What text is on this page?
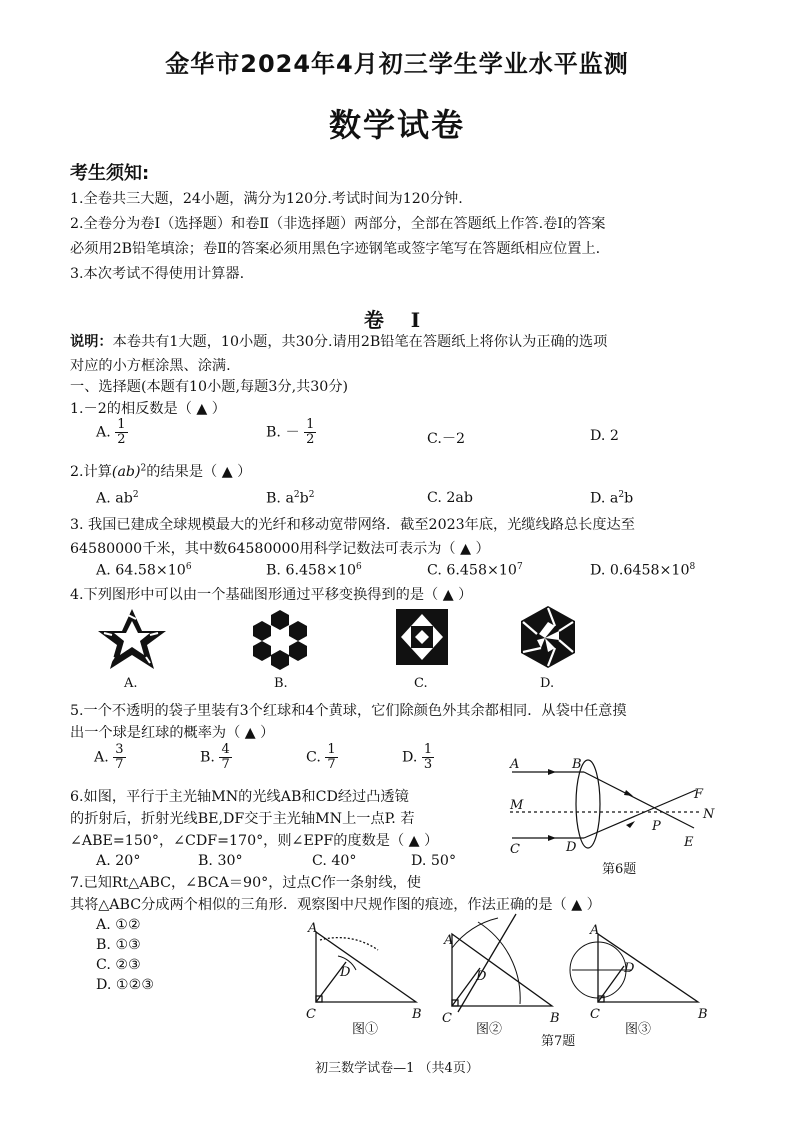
金华市2024年4月初三学生学业水平监测
数学试卷
考生须知:
1.全卷共三大题，24小题，满分为120分.考试时间为120分钟.
2.全卷分为卷Ⅰ（选择题）和卷Ⅱ（非选择题）两部分，全部在答题纸上作答.卷Ⅰ的答案
必须用2B铅笔填涂；卷Ⅱ的答案必须用黑色字迹钢笔或签字笔写在答题纸相应位置上.
3.本次考试不得使用计算器.
卷 Ⅰ
说明：本卷共有1大题，10小题，共30分.请用2B铅笔在答题纸上将你认为正确的选项
对应的小方框涂黑、涂满.
一、选择题(本题有10小题,每题3分,共30分)
1.－2的相反数是（ ▲ ）
A. $\frac{1}{2}$	B. － $\frac{1}{2}$	C.－2	D. 2
2.计算(ab)$^2$的结果是（ ▲ ）
A. $ab^2$	B. $a^2b^2$	C. 2ab	D. $a^2b$
3. 我国已建成全球规模最大的光纤和移动宽带网络．截至2023年底，光缆线路总长度达至
64580000千米，其中数64580000用科学记数法可表示为（ ▲ ）
A. $64.58\times 10^6$	B. $6.458\times 10^6$	C. $6.458\times 10^7$	D. $0.6458\times 10^8$
4.下列图形中可以由一个基础图形通过平移变换得到的是（ ▲ ）
A.	B.	C.	D.
5.一个不透明的袋子里装有3个红球和4个黄球，它们除颜色外其余都相同．从袋中任意摸
出一个球是红球的概率为（ ▲ ）
A. $\frac{3}{7}$	B. $\frac{4}{7}$	C. $\frac{1}{7}$	D. $\frac{1}{3}$
6.如图，平行于主光轴MN的光线AB和CD经过凸透镜
的折射后，折射光线BE,DF交于主光轴MN上一点P. 若
∠ABE=150°，∠CDF=170°，则∠EPF的度数是（ ▲ ）
A. 20°	B. 30°	C. 40°	D. 50°
A	B
M
C	D
P
F
N
E
第6题
7.已知Rt△ABC，∠BCA＝90°，过点C作一条射线，使
其将△ABC分成两个相似的三角形．观察图中尺规作图的痕迹，作法正确的是（ ▲ ）
A. ①②
B. ①③
C. ②③
D. ①②③
A
D
C	B
图①
A
D
C	B
图②
A
D
C	B
图③
第7题
初三数学试卷—1 （共4页）
